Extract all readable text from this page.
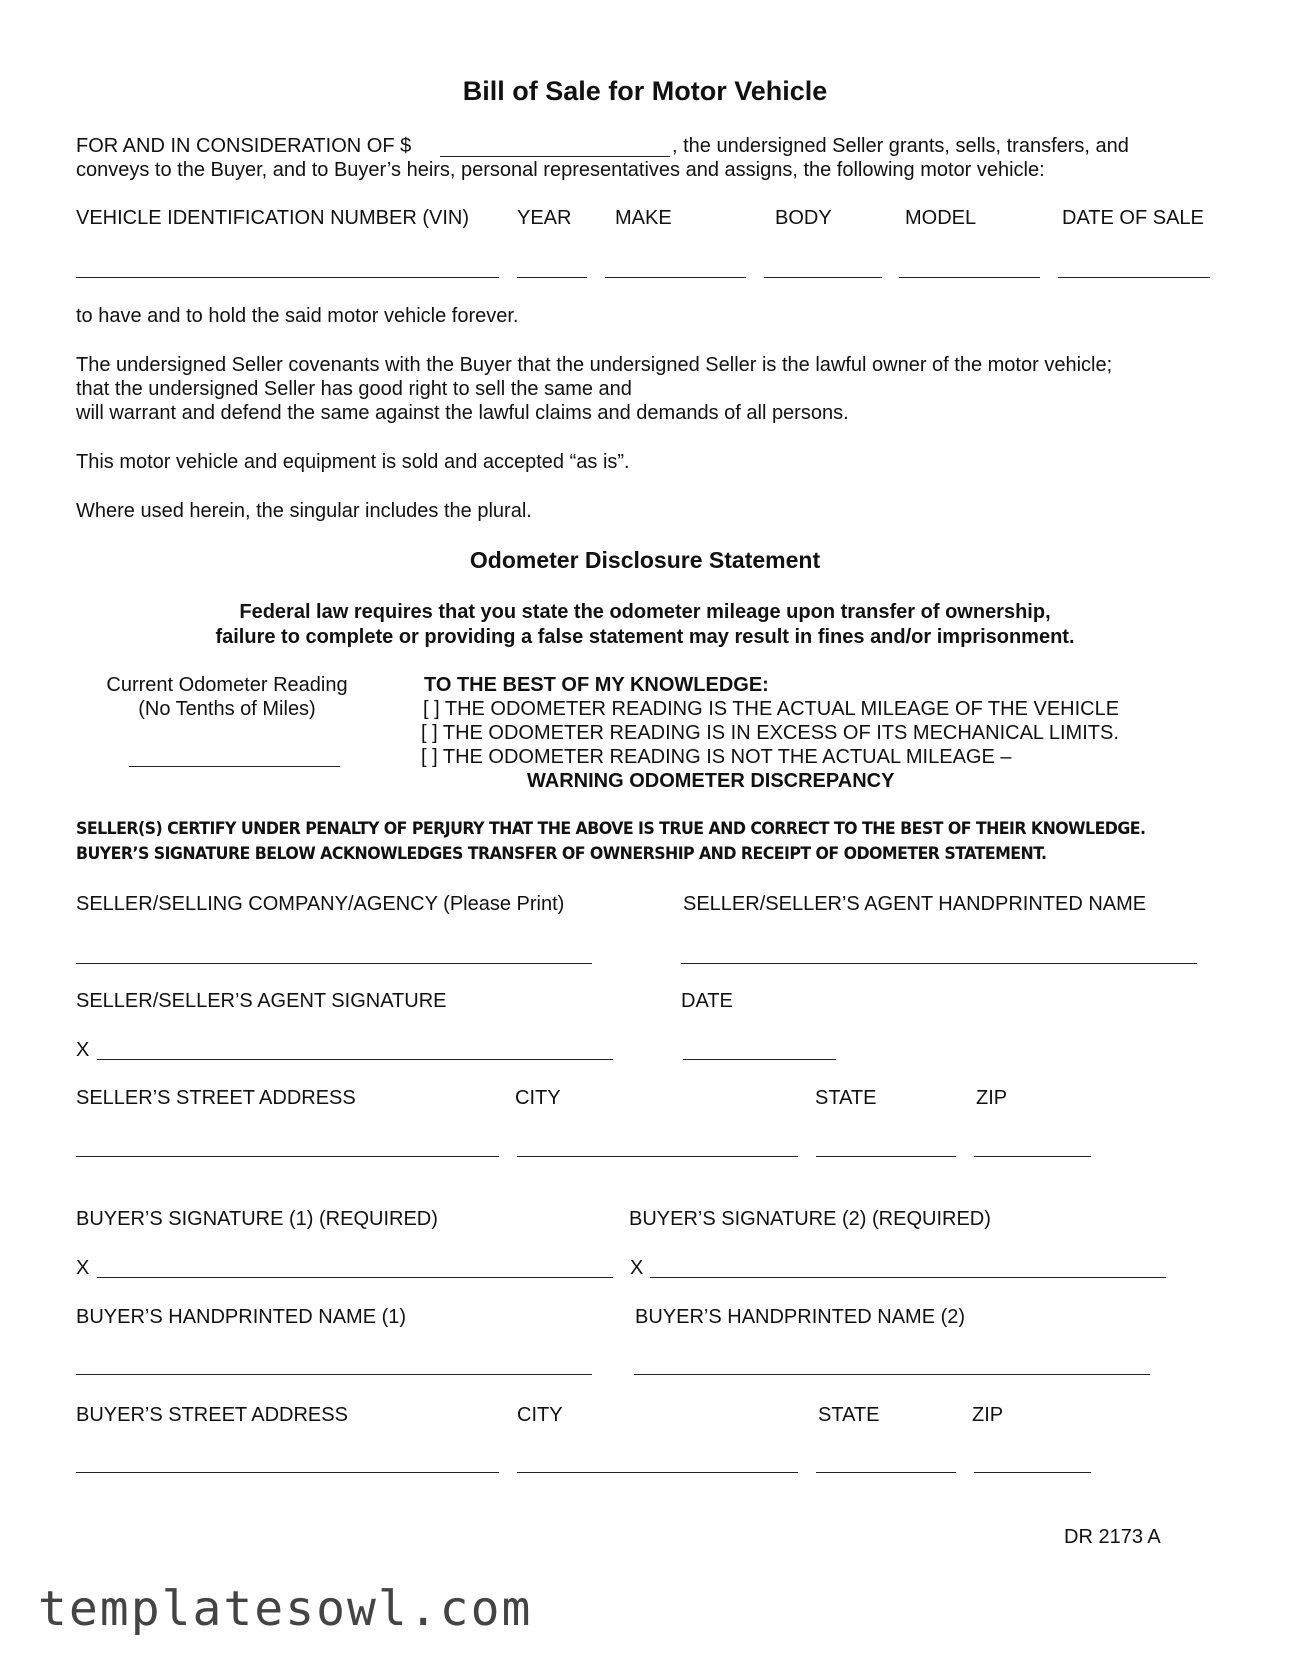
Bill of Sale for Motor Vehicle
FOR AND IN CONSIDERATION OF $	, the undersigned Seller grants, sells, transfers, and
conveys to the Buyer, and to Buyer’s heirs, personal representatives and assigns, the following motor vehicle:
VEHICLE IDENTIFICATION NUMBER (VIN) YEAR MAKE	BODY	MODEL	DATE OF SALE
to have and to hold the said motor vehicle forever.
The undersigned Seller covenants with the Buyer that the undersigned Seller is the lawful owner of the motor vehicle;
that the undersigned Seller has good right to sell the same and
will warrant and defend the same against the lawful claims and demands of all persons.
This motor vehicle and equipment is sold and accepted “as is”.
Where used herein, the singular includes the plural.
Odometer Disclosure Statement
Federal law requires that you state the odometer mileage upon transfer of ownership,
failure to complete or providing a false statement may result in fines and/or imprisonment.
Current Odometer Reading
(No Tenths of Miles)
TO THE BEST OF MY KNOWLEDGE:
[ ] THE ODOMETER READING IS THE ACTUAL MILEAGE OF THE VEHICLE
[ ] THE ODOMETER READING IS IN EXCESS OF ITS MECHANICAL LIMITS.
[ ] THE ODOMETER READING IS NOT THE ACTUAL MILEAGE –
WARNING ODOMETER DISCREPANCY
SELLER(S) CERTIFY UNDER PENALTY OF PERJURY THAT THE ABOVE IS TRUE AND CORRECT TO THE BEST OF THEIR KNOWLEDGE.
BUYER’S SIGNATURE BELOW ACKNOWLEDGES TRANSFER OF OWNERSHIP AND RECEIPT OF ODOMETER STATEMENT.
SELLER/SELLING COMPANY/AGENCY (Please Print)	SELLER/SELLER’S AGENT HANDPRINTED NAME
SELLER/SELLER’S AGENT SIGNATURE	DATE
X
SELLER’S STREET ADDRESS	CITY	STATE	ZIP
BUYER’S SIGNATURE (1) (REQUIRED)	BUYER’S SIGNATURE (2) (REQUIRED)
X	X
BUYER’S HANDPRINTED NAME (1)	BUYER’S HANDPRINTED NAME (2)
BUYER’S STREET ADDRESS	CITY	STATE	ZIP
DR 2173 A
templatesowl.com
